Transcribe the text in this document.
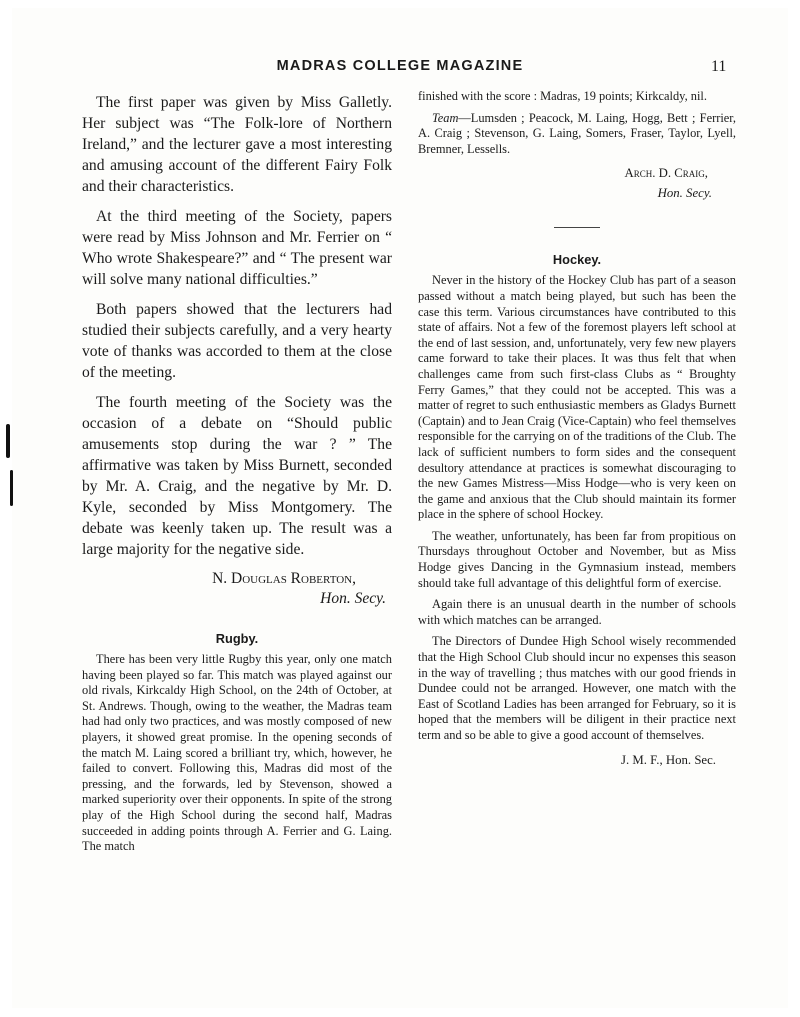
MADRAS COLLEGE MAGAZINE	11

The first paper was given by Miss Galletly. Her subject was “The Folk-lore of Northern Ireland,” and the lecturer gave a most interesting and amusing account of the different Fairy Folk and their characteristics.

At the third meeting of the Society, papers were read by Miss Johnson and Mr. Ferrier on “ Who wrote Shakespeare?” and “ The present war will solve many national difficulties.”

Both papers showed that the lecturers had studied their subjects carefully, and a very hearty vote of thanks was accorded to them at the close of the meeting.

The fourth meeting of the Society was the occasion of a debate on “Should public amusements stop during the war ? ” The affirmative was taken by Miss Burnett, seconded by Mr. A. Craig, and the negative by Mr. D. Kyle, seconded by Miss Montgomery. The debate was keenly taken up. The result was a large majority for the negative side.

N. Douglas Roberton,
Hon. Secy.
Rugby.

There has been very little Rugby this year, only one match having been played so far. This match was played against our old rivals, Kirkcaldy High School, on the 24th of October, at St. Andrews. Though, owing to the weather, the Madras team had had only two practices, and was mostly composed of new players, it showed great promise. In the opening seconds of the match M. Laing scored a brilliant try, which, however, he failed to convert. Following this, Madras did most of the pressing, and the forwards, led by Stevenson, showed a marked superiority over their opponents. In spite of the strong play of the High School during the second half, Madras succeeded in adding points through A. Ferrier and G. Laing. The match

finished with the score : Madras, 19 points; Kirkcaldy, nil.

Team—Lumsden ; Peacock, M. Laing, Hogg, Bett ; Ferrier, A. Craig ; Stevenson, G. Laing, Somers, Fraser, Taylor, Lyell, Bremner, Lessells.

Arch. D. Craig,
Hon. Secy.
Hockey.

Never in the history of the Hockey Club has part of a season passed without a match being played, but such has been the case this term. Various circumstances have contributed to this state of affairs. Not a few of the foremost players left school at the end of last session, and, unfortunately, very few new players came forward to take their places. It was thus felt that when challenges came from such first-class Clubs as “ Broughty Ferry Games,” that they could not be accepted. This was a matter of regret to such enthusiastic members as Gladys Burnett (Captain) and to Jean Craig (Vice-Captain) who feel themselves responsible for the carrying on of the traditions of the Club. The lack of sufficient numbers to form sides and the consequent desultory attendance at practices is somewhat discouraging to the new Games Mistress—Miss Hodge—who is very keen on the game and anxious that the Club should maintain its former place in the sphere of school Hockey.

The weather, unfortunately, has been far from propitious on Thursdays throughout October and November, but as Miss Hodge gives Dancing in the Gymnasium instead, members should take full advantage of this delightful form of exercise.

Again there is an unusual dearth in the number of schools with which matches can be arranged.

The Directors of Dundee High School wisely recommended that the High School Club should incur no expenses this season in the way of travelling ; thus matches with our good friends in Dundee could not be arranged. However, one match with the East of Scotland Ladies has been arranged for February, so it is hoped that the members will be diligent in their practice next term and so be able to give a good account of themselves.

J. M. F., Hon. Sec.
